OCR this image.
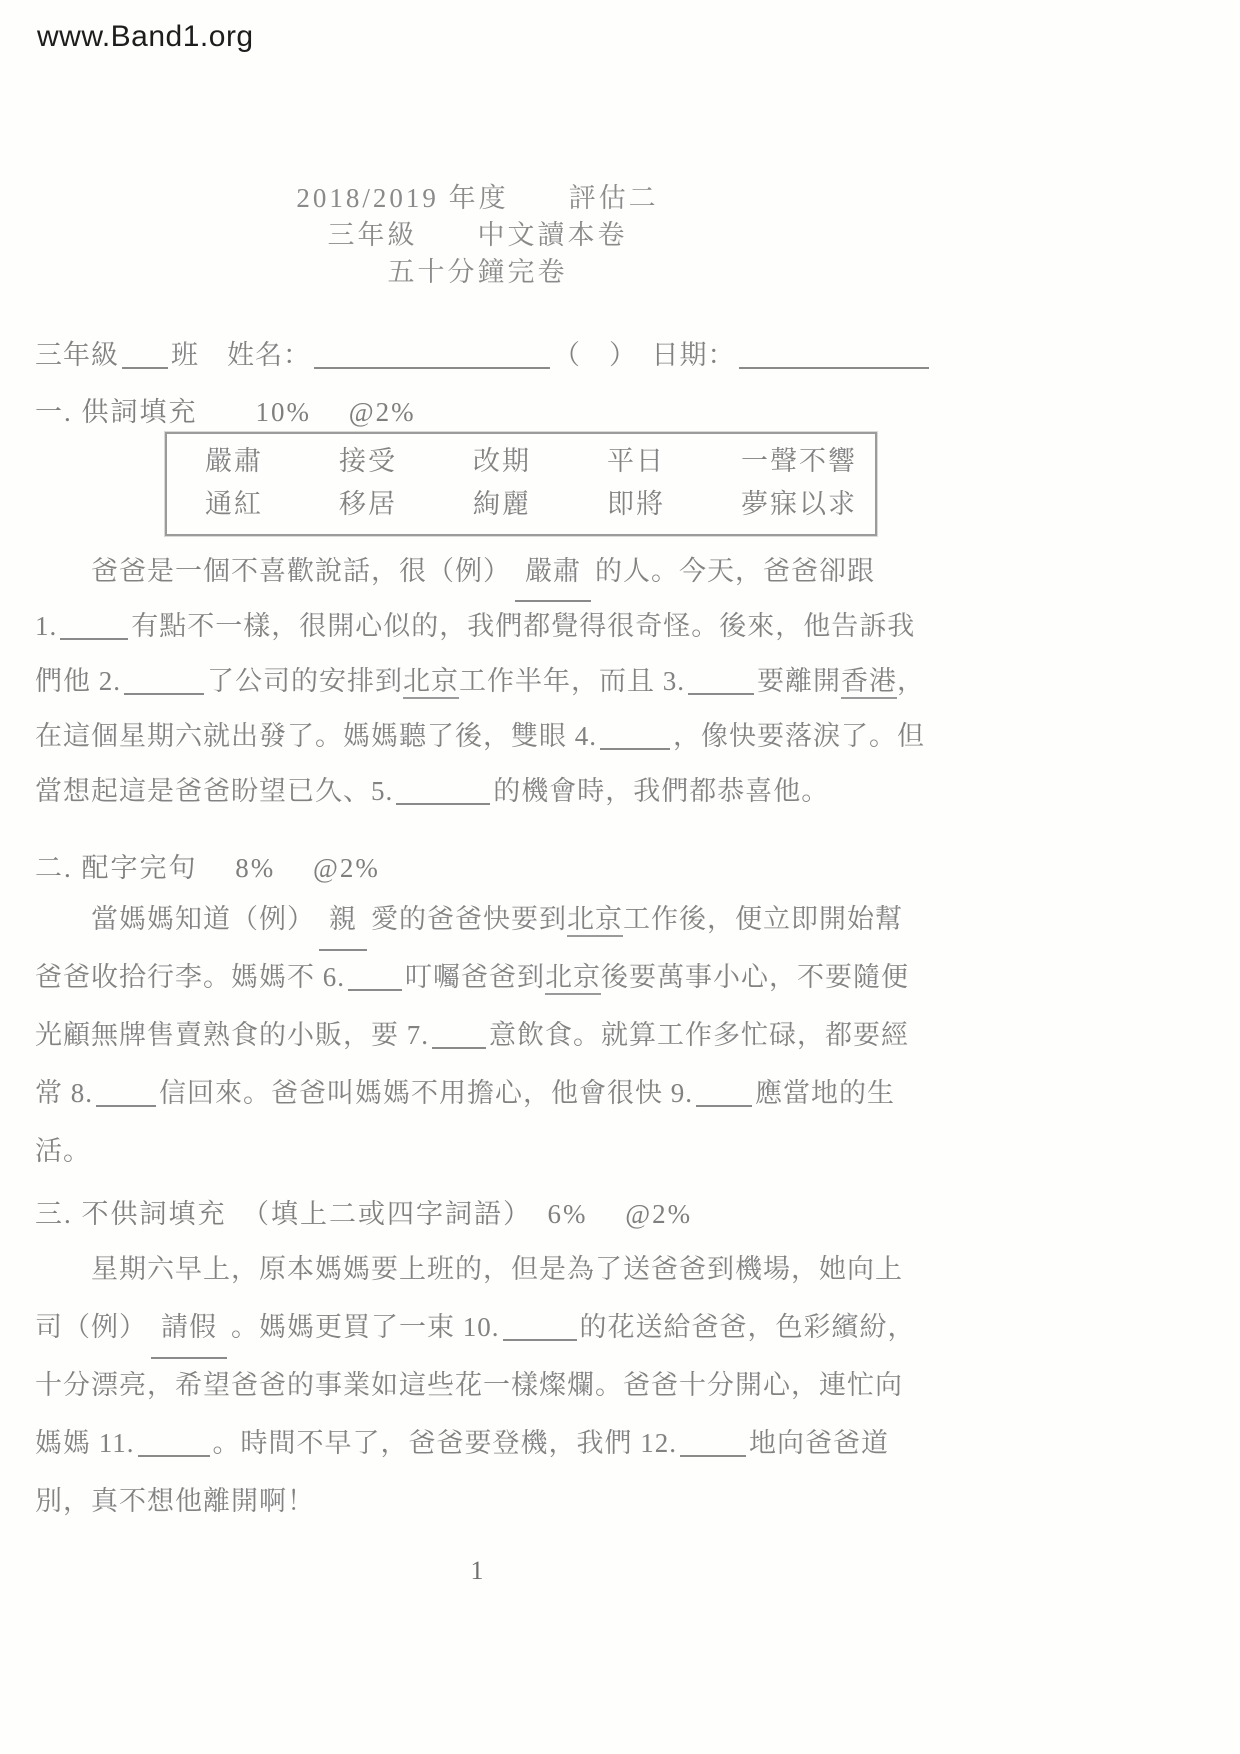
www.Band1.org
2018/2019 年度　　評估二
三年級　　中文讀本卷
五十分鐘完卷
三年級 班　姓名：	（　）　日期：
一. 供詞填充　　10%　 @2%
嚴肅	接受	改期	平日	一聲不響
通紅	移居	絢麗	即將	夢寐以求
爸爸是一個不喜歡說話，很（例） 嚴肅 的人。今天，爸爸卻跟
1.	有點不一樣，很開心似的，我們都覺得很奇怪。後來，他告訴我
們他 2.	了公司的安排到北京工作半年，而且 3.	要離開香港，
在這個星期六就出發了。媽媽聽了後，雙眼 4.	，像快要落淚了。但
當想起這是爸爸盼望已久、5.	的機會時，我們都恭喜他。
二. 配字完句　 8%　 @2%
當媽媽知道（例） 親 愛的爸爸快要到北京工作後，便立即開始幫
爸爸收拾行李。媽媽不 6. 叮囑爸爸到北京後要萬事小心，不要隨便
光顧無牌售賣熟食的小販，要 7. 意飲食。就算工作多忙碌，都要經
常 8. 信回來。爸爸叫媽媽不用擔心，他會很快 9. 應當地的生
活。
三. 不供詞填充　（填上二或四字詞語）　6%　 @2%
星期六早上，原本媽媽要上班的，但是為了送爸爸到機場，她向上
司（例） 請假 。媽媽更買了一束 10.	的花送給爸爸，色彩繽紛，
十分漂亮，希望爸爸的事業如這些花一樣燦爛。爸爸十分開心，連忙向
媽媽 11.	。時間不早了，爸爸要登機，我們 12.	地向爸爸道
別，真不想他離開啊！
1
